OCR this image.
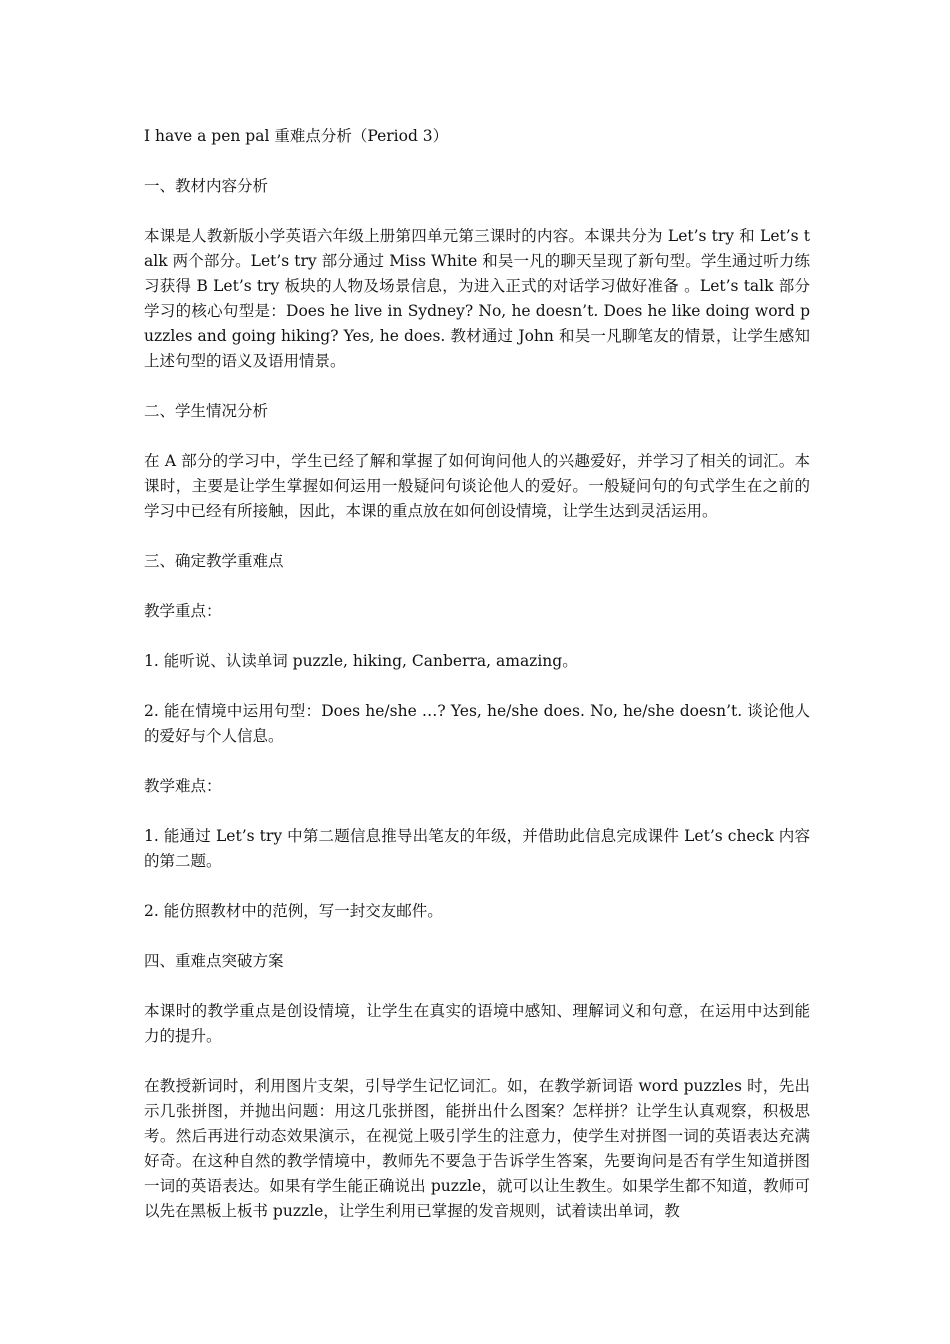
I have a pen pal 重难点分析（Period 3）

一、教材内容分析

本课是人教新版小学英语六年级上册第四单元第三课时的内容。本课共分为 Let’s try 和 Let’s talk 两个部分。Let’s try 部分通过 Miss White 和吴一凡的聊天呈现了新句型。学生通过听力练习获得 B Let’s try 板块的人物及场景信息，为进入正式的对话学习做好准备 。Let’s talk 部分学习的核心句型是：Does he live in Sydney? No, he doesn’t. Does he like doing word puzzles and going hiking? Yes, he does. 教材通过 John 和吴一凡聊笔友的情景，让学生感知上述句型的语义及语用情景。

二、学生情况分析

在 A 部分的学习中，学生已经了解和掌握了如何询问他人的兴趣爱好，并学习了相关的词汇。本课时，主要是让学生掌握如何运用一般疑问句谈论他人的爱好。一般疑问句的句式学生在之前的学习中已经有所接触，因此，本课的重点放在如何创设情境，让学生达到灵活运用。

三、确定教学重难点

教学重点：

1. 能听说、认读单词 puzzle, hiking, Canberra, amazing。

2. 能在情境中运用句型：Does he/she …? Yes, he/she does. No, he/she doesn’t. 谈论他人的爱好与个人信息。

教学难点：

1. 能通过 Let’s try 中第二题信息推导出笔友的年级，并借助此信息完成课件 Let’s check 内容的第二题。

2. 能仿照教材中的范例，写一封交友邮件。

四、重难点突破方案

本课时的教学重点是创设情境，让学生在真实的语境中感知、理解词义和句意，在运用中达到能力的提升。

在教授新词时，利用图片支架，引导学生记忆词汇。如，在教学新词语 word puzzles 时，先出示几张拼图，并抛出问题：用这几张拼图，能拼出什么图案？怎样拼？让学生认真观察，积极思考。然后再进行动态效果演示，在视觉上吸引学生的注意力，使学生对拼图一词的英语表达充满好奇。在这种自然的教学情境中，教师先不要急于告诉学生答案，先要询问是否有学生知道拼图一词的英语表达。如果有学生能正确说出 puzzle，就可以让生教生。如果学生都不知道，教师可以先在黑板上板书 puzzle，让学生利用已掌握的发音规则，试着读出单词，教
